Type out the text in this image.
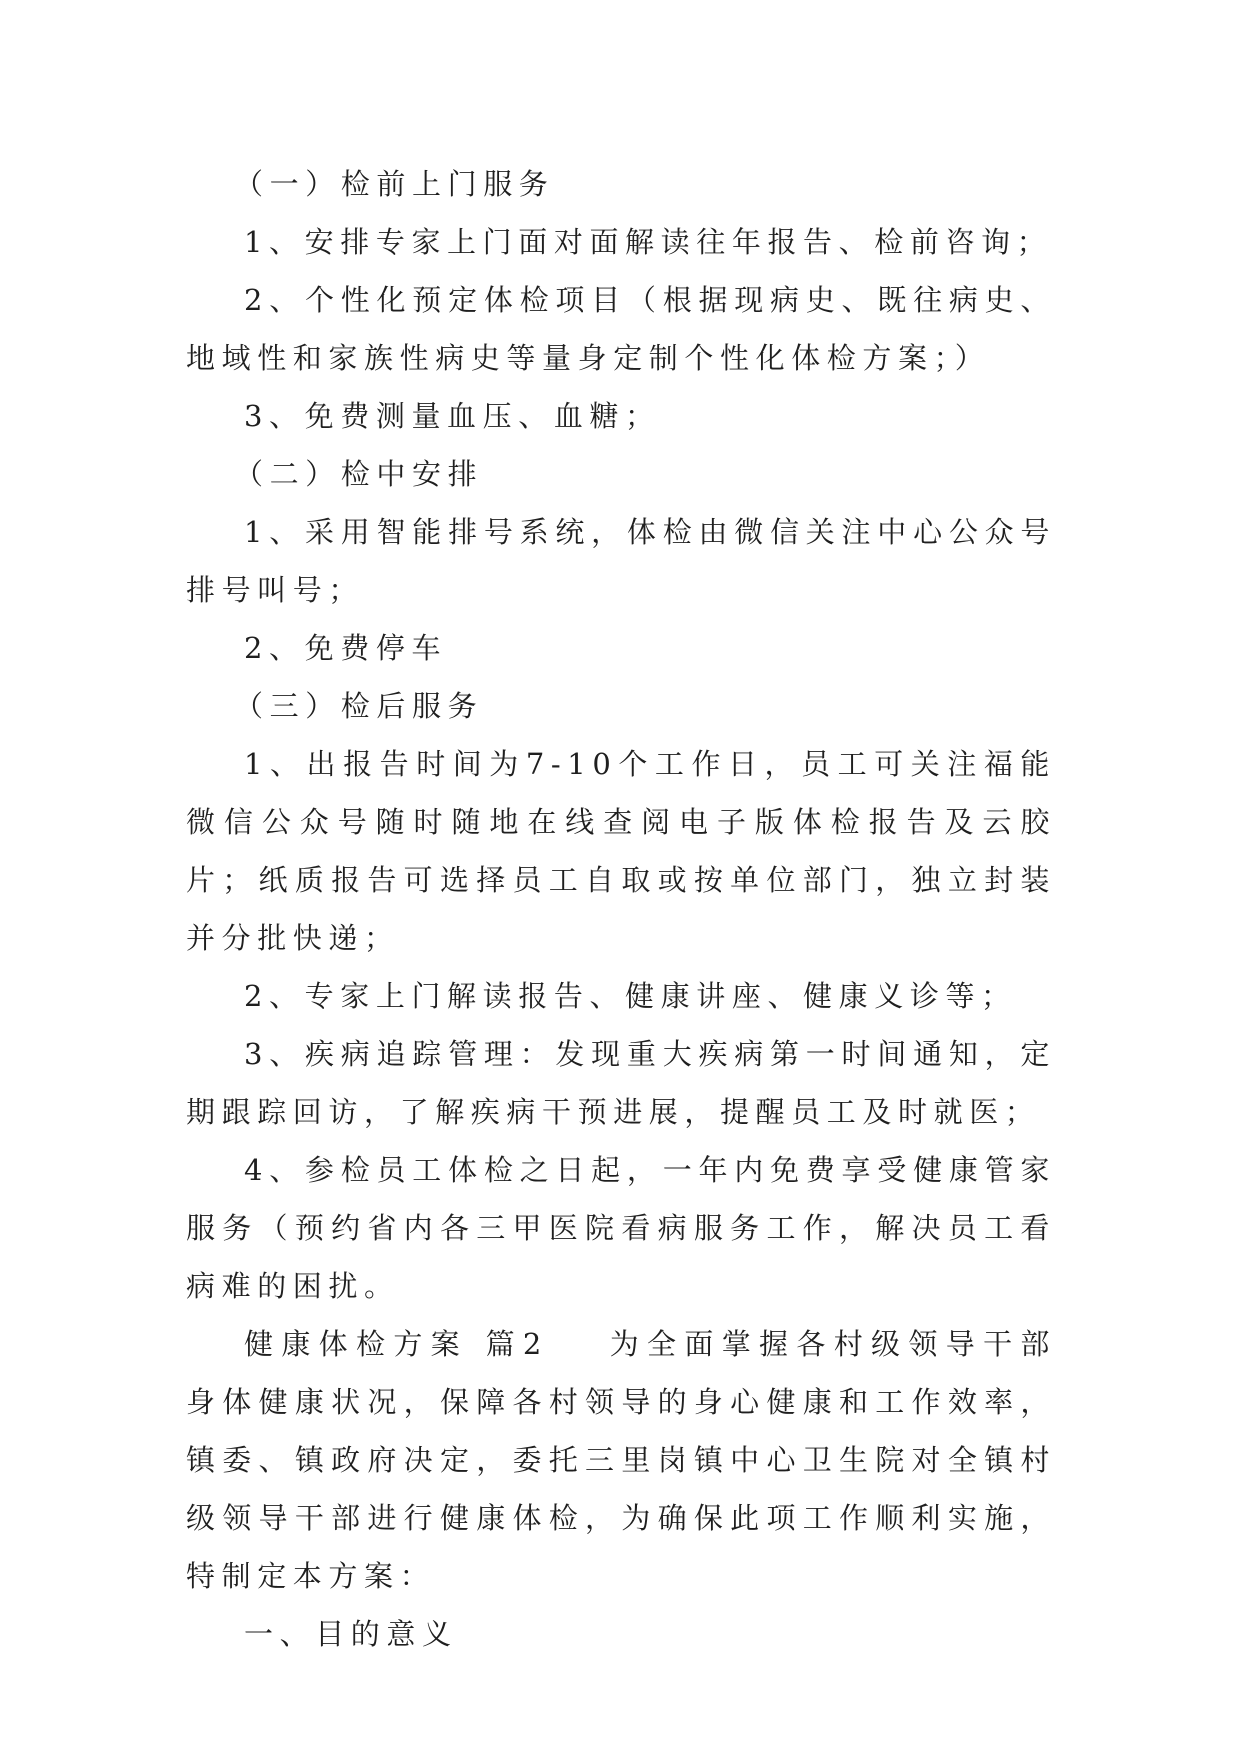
（一）检前上门服务

1、安排专家上门面对面解读往年报告、检前咨询；

2、个性化预定体检项目（根据现病史、既往病史、地域性和家族性病史等量身定制个性化体检方案；）

3、免费测量血压、血糖；

（二）检中安排

1、采用智能排号系统，体检由微信关注中心公众号排号叫号；

2、免费停车

（三）检后服务

1、出报告时间为7-10个工作日，员工可关注福能微信公众号随时随地在线查阅电子版体检报告及云胶片；纸质报告可选择员工自取或按单位部门，独立封装并分批快递；

2、专家上门解读报告、健康讲座、健康义诊等；

3、疾病追踪管理：发现重大疾病第一时间通知，定期跟踪回访，了解疾病干预进展，提醒员工及时就医；

4、参检员工体检之日起，一年内免费享受健康管家服务（预约省内各三甲医院看病服务工作，解决员工看病难的困扰。

健康体检方案 篇2 为全面掌握各村级领导干部身体健康状况，保障各村领导的身心健康和工作效率，镇委、镇政府决定，委托三里岗镇中心卫生院对全镇村级领导干部进行健康体检，为确保此项工作顺利实施，特制定本方案：

一、目的意义
